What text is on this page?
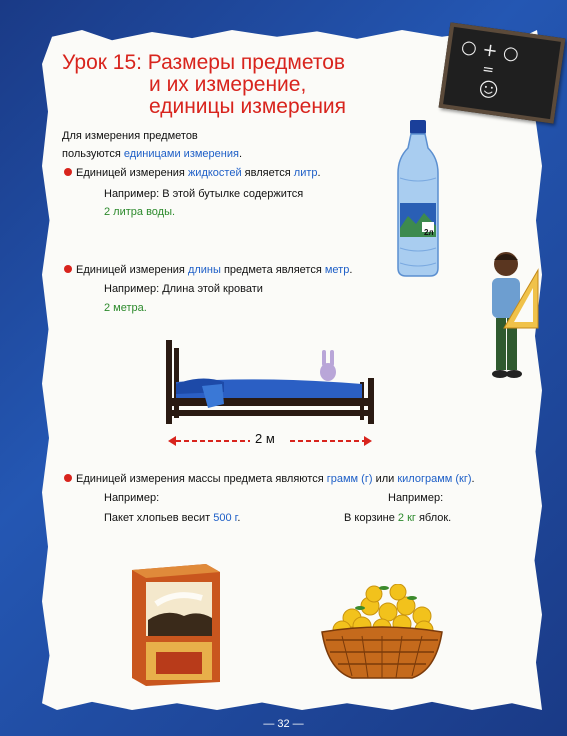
○ + ○
=
Урок 15: Размеры предметов
и их измерение,
единицы измерения
Для измерения предметов
пользуются единицами измерения.
Единицей измерения жидкостей является литр.
Например: В этой бутылке содержится
2 литра воды.
2л
Единицей измерения длины предмета является метр.
Например: Длина этой кровати
2 метра.
2 м
Единицей измерения массы предмета являются грамм (г) или килограмм (кг).
Например:
Пакет хлопьев весит 500 г.
Например:
В корзине 2 кг яблок.
— 32 —
